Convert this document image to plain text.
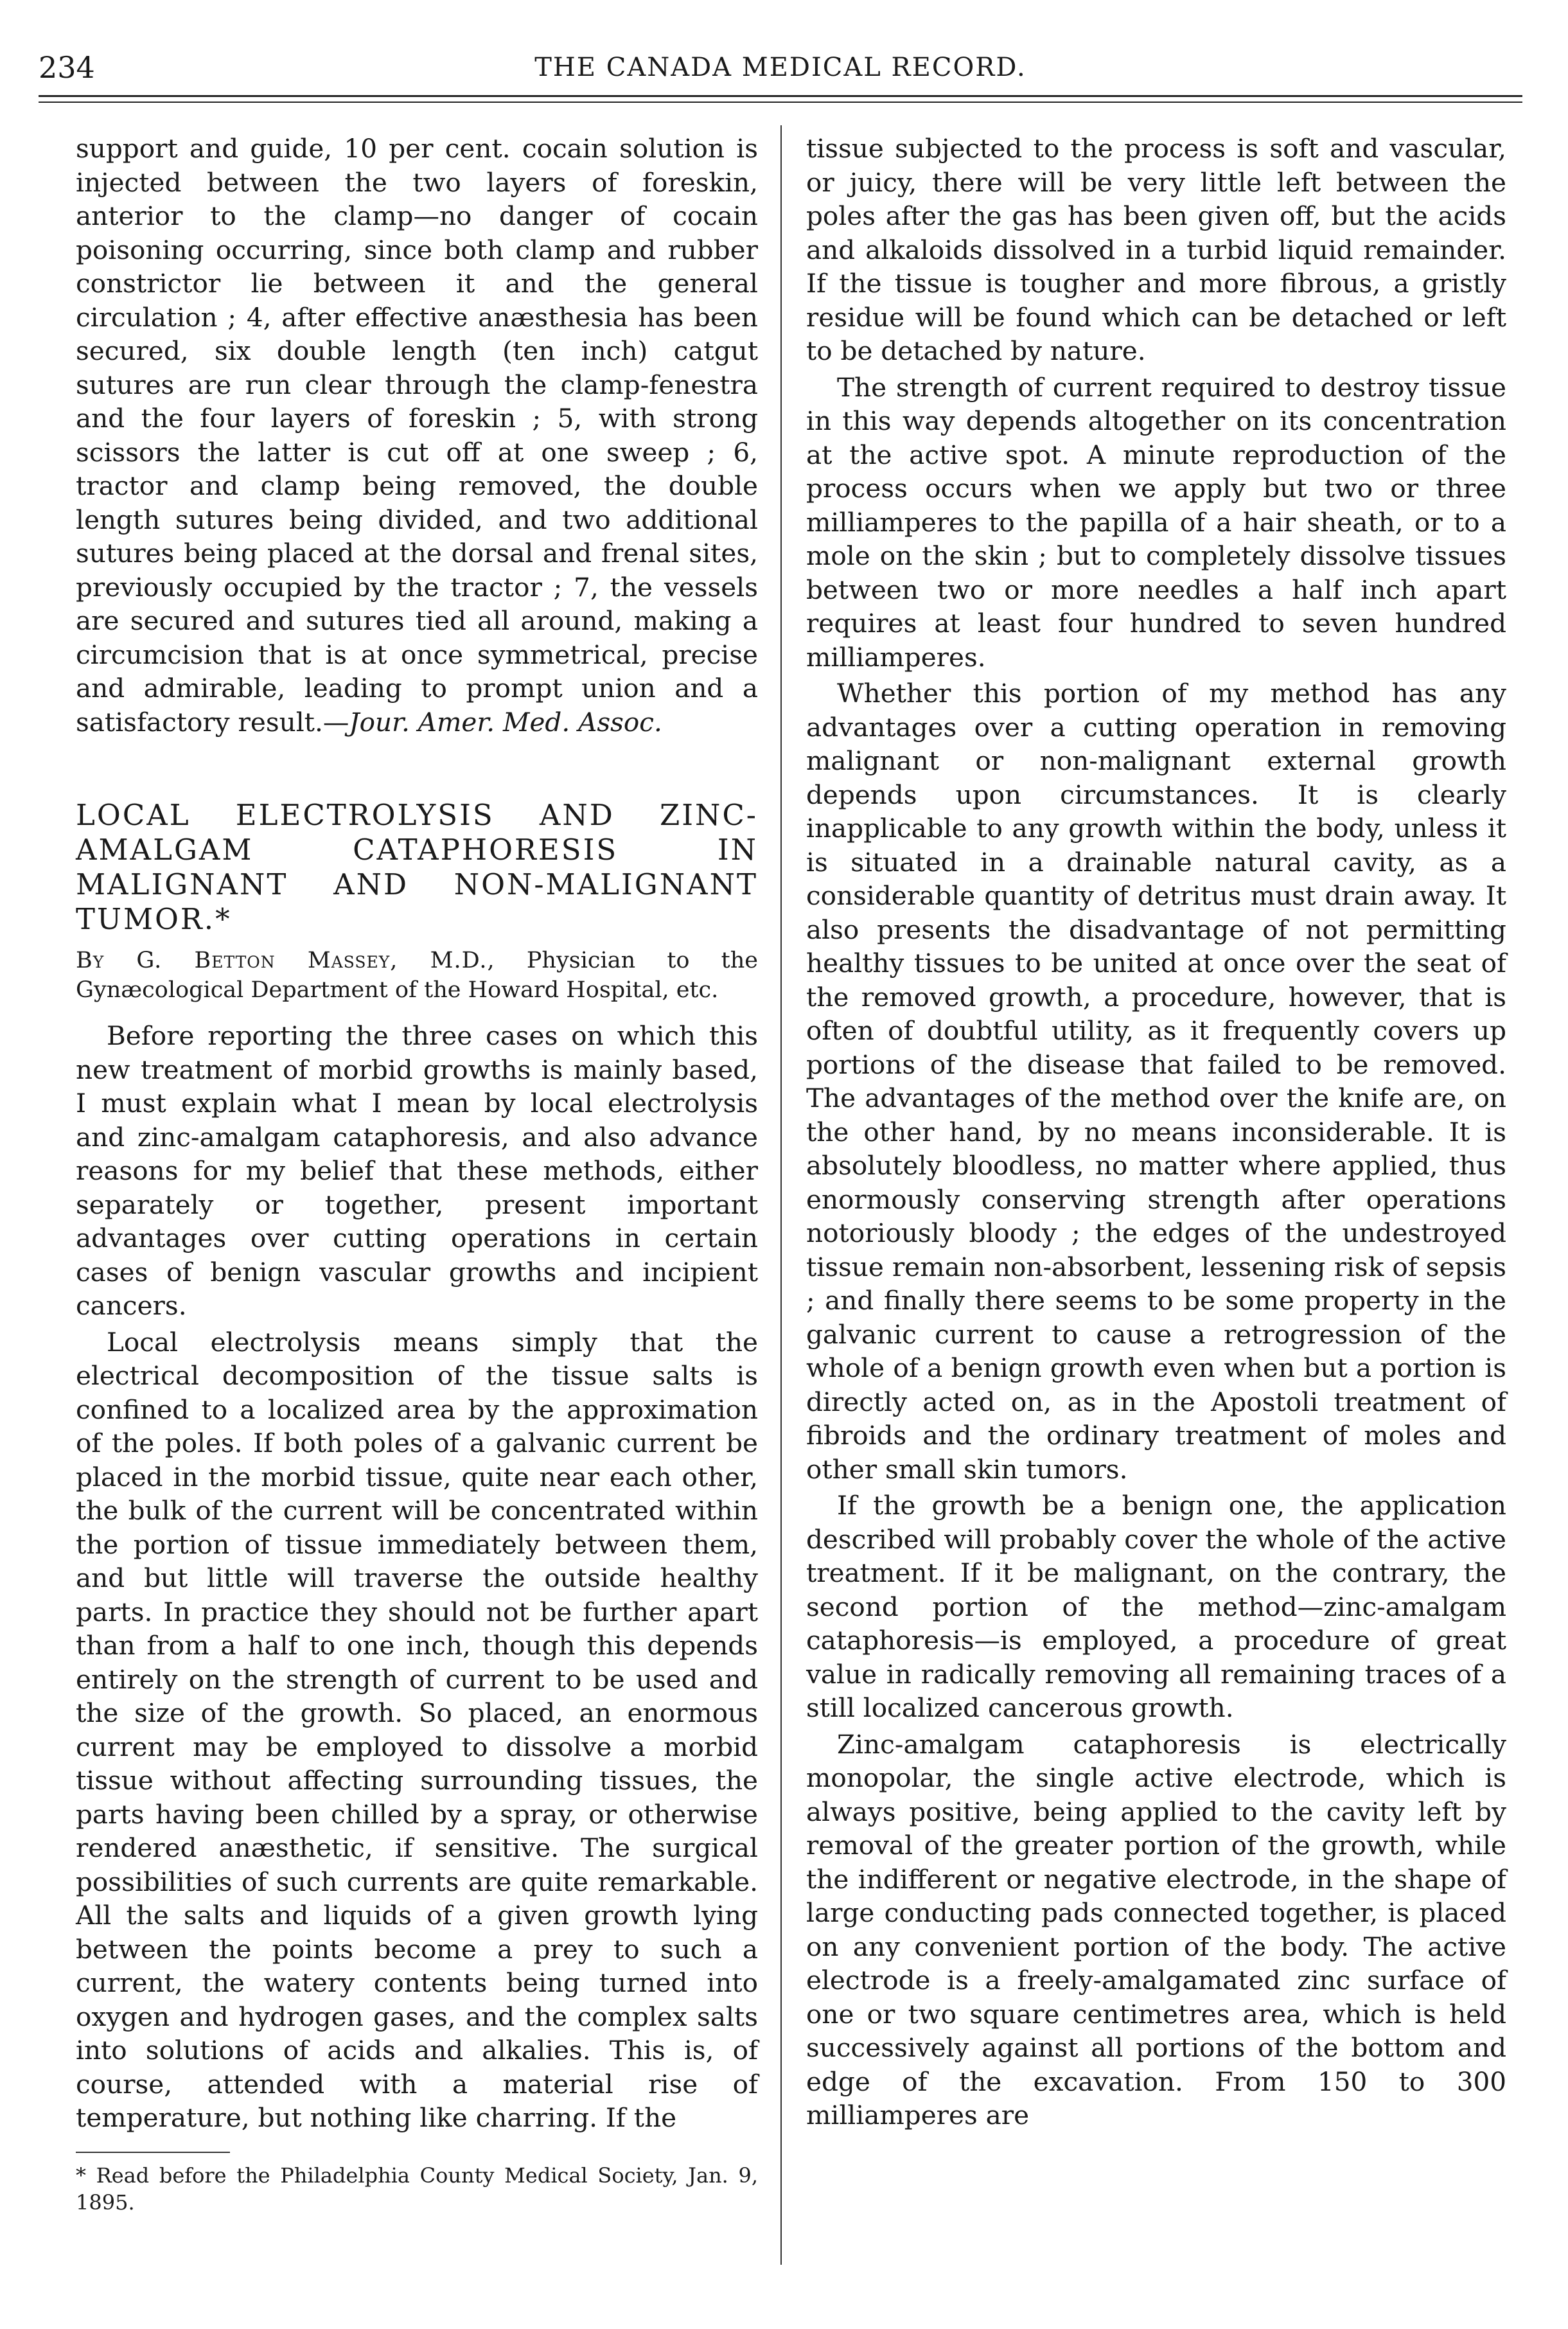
234	THE CANADA MEDICAL RECORD.

support and guide, 10 per cent. cocain solution is injected between the two layers of foreskin, anterior to the clamp—no danger of cocain poisoning occurring, since both clamp and rubber constrictor lie between it and the general circulation ; 4, after effective anæsthesia has been secured, six double length (ten inch) catgut sutures are run clear through the clamp-fenestra and the four layers of foreskin ; 5, with strong scissors the latter is cut off at one sweep ; 6, tractor and clamp being removed, the double length sutures being divided, and two additional sutures being placed at the dorsal and frenal sites, previously occupied by the tractor ; 7, the vessels are secured and sutures tied all around, making a circumcision that is at once symmetrical, precise and admirable, leading to prompt union and a satisfactory result.—Jour. Amer. Med. Assoc.

LOCAL ELECTROLYSIS AND ZINC-AMALGAM CATAPHORESIS IN MALIGNANT AND NON-MALIGNANT TUMOR.*
By G. Betton Massey, M.D., Physician to the Gynæcological Department of the Howard Hospital, etc.

Before reporting the three cases on which this new treatment of morbid growths is mainly based, I must explain what I mean by local electrolysis and zinc-amalgam cataphoresis, and also advance reasons for my belief that these methods, either separately or together, present important advantages over cutting operations in certain cases of benign vascular growths and incipient cancers.

Local electrolysis means simply that the electrical decomposition of the tissue salts is confined to a localized area by the approximation of the poles. If both poles of a galvanic current be placed in the morbid tissue, quite near each other, the bulk of the current will be concentrated within the portion of tissue immediately between them, and but little will traverse the outside healthy parts. In practice they should not be further apart than from a half to one inch, though this depends entirely on the strength of current to be used and the size of the growth. So placed, an enormous current may be employed to dissolve a morbid tissue without affecting surrounding tissues, the parts having been chilled by a spray, or otherwise rendered anæsthetic, if sensitive. The surgical possibilities of such currents are quite remarkable. All the salts and liquids of a given growth lying between the points become a prey to such a current, the watery contents being turned into oxygen and hydrogen gases, and the complex salts into solutions of acids and alkalies. This is, of course, attended with a material rise of temperature, but nothing like charring. If the

* Read before the Philadelphia County Medical Society, Jan. 9, 1895.

tissue subjected to the process is soft and vascular, or juicy, there will be very little left between the poles after the gas has been given off, but the acids and alkaloids dissolved in a turbid liquid remainder. If the tissue is tougher and more fibrous, a gristly residue will be found which can be detached or left to be detached by nature.

The strength of current required to destroy tissue in this way depends altogether on its concentration at the active spot. A minute reproduction of the process occurs when we apply but two or three milliamperes to the papilla of a hair sheath, or to a mole on the skin ; but to completely dissolve tissues between two or more needles a half inch apart requires at least four hundred to seven hundred milliamperes.

Whether this portion of my method has any advantages over a cutting operation in removing malignant or non-malignant external growth depends upon circumstances. It is clearly inapplicable to any growth within the body, unless it is situated in a drainable natural cavity, as a considerable quantity of detritus must drain away. It also presents the disadvantage of not permitting healthy tissues to be united at once over the seat of the removed growth, a procedure, however, that is often of doubtful utility, as it frequently covers up portions of the disease that failed to be removed. The advantages of the method over the knife are, on the other hand, by no means inconsiderable. It is absolutely bloodless, no matter where applied, thus enormously conserving strength after operations notoriously bloody ; the edges of the undestroyed tissue remain non-absorbent, lessening risk of sepsis ; and finally there seems to be some property in the galvanic current to cause a retrogression of the whole of a benign growth even when but a portion is directly acted on, as in the Apostoli treatment of fibroids and the ordinary treatment of moles and other small skin tumors.

If the growth be a benign one, the application described will probably cover the whole of the active treatment. If it be malignant, on the contrary, the second portion of the method—zinc-amalgam cataphoresis—is employed, a procedure of great value in radically removing all remaining traces of a still localized cancerous growth.

Zinc-amalgam cataphoresis is electrically monopolar, the single active electrode, which is always positive, being applied to the cavity left by removal of the greater portion of the growth, while the indifferent or negative electrode, in the shape of large conducting pads connected together, is placed on any convenient portion of the body. The active electrode is a freely-amalgamated zinc surface of one or two square centimetres area, which is held successively against all portions of the bottom and edge of the excavation. From 150 to 300 milliamperes are
